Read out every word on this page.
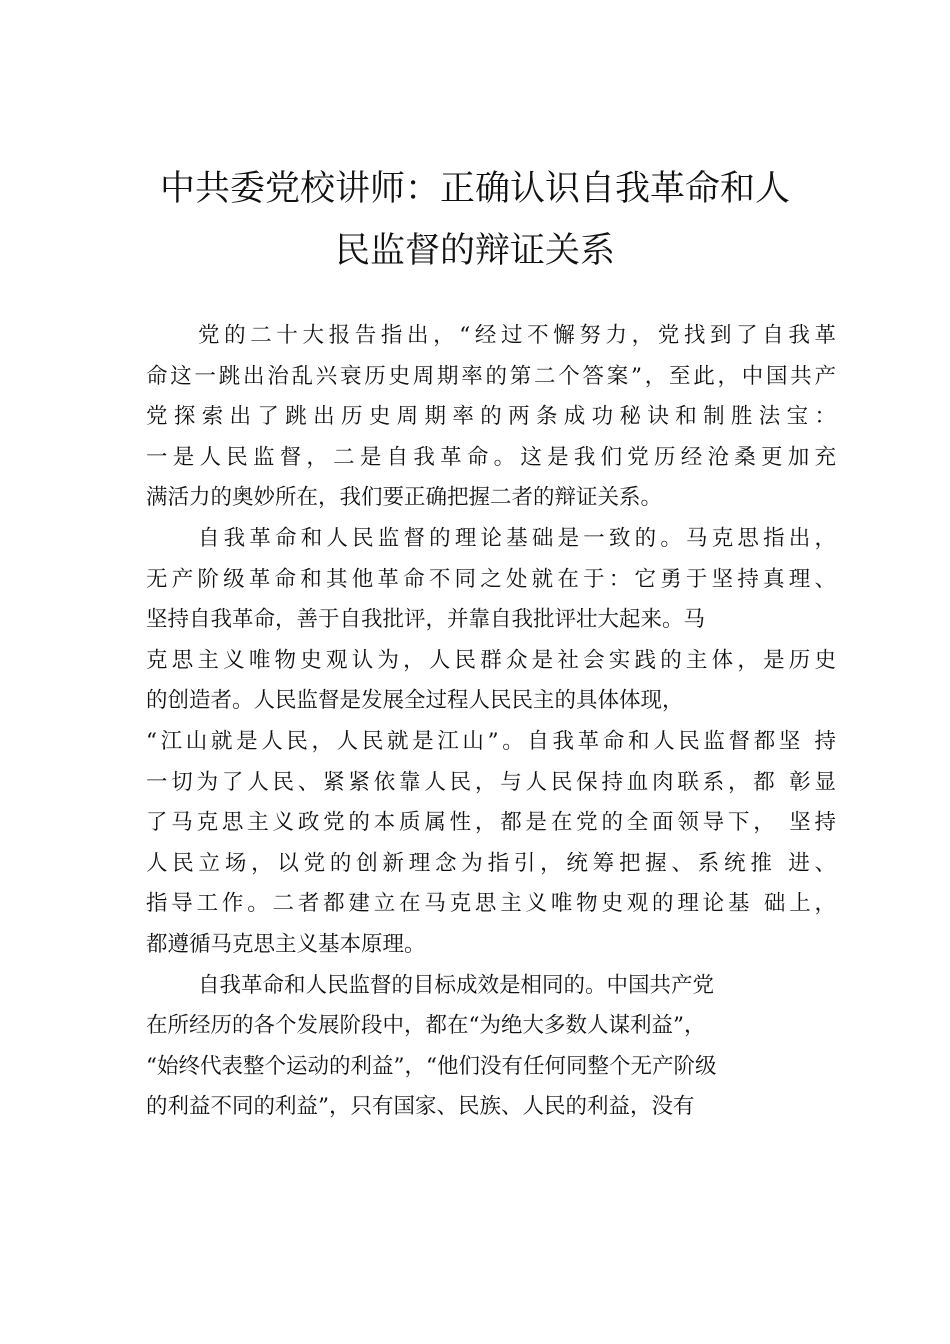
中共委党校讲师：正确认识自我革命和人
民监督的辩证关系
党的二十大报告指出，“经过不懈努力，党找到了自我革
命这一跳出治乱兴衰历史周期率的第二个答案”，至此，中国共产
党探索出了跳出历史周期率的两条成功秘诀和制胜法宝：
一是人民监督，二是自我革命。这是我们党历经沧桑更加充
满活力的奥妙所在，我们要正确把握二者的辩证关系。
自我革命和人民监督的理论基础是一致的。马克思指出，
无产阶级革命和其他革命不同之处就在于：它勇于坚持真理、
坚持自我革命，善于自我批评，并靠自我批评壮大起来。马
克思主义唯物史观认为，人民群众是社会实践的主体，是历史
的创造者。人民监督是发展全过程人民民主的具体体现，
“江山就是人民，人民就是江山”。自我革命和人民监督都坚 持
一切为了人民、紧紧依靠人民，与人民保持血肉联系，都 彰显
了马克思主义政党的本质属性，都是在党的全面领导下， 坚持
人民立场，以党的创新理念为指引，统筹把握、系统推 进、
指导工作。二者都建立在马克思主义唯物史观的理论基 础上，
都遵循马克思主义基本原理。
自我革命和人民监督的目标成效是相同的。中国共产党
在所经历的各个发展阶段中，都在“为绝大多数人谋利益”，
“始终代表整个运动的利益”，“他们没有任何同整个无产阶级
的利益不同的利益”，只有国家、民族、人民的利益，没有
